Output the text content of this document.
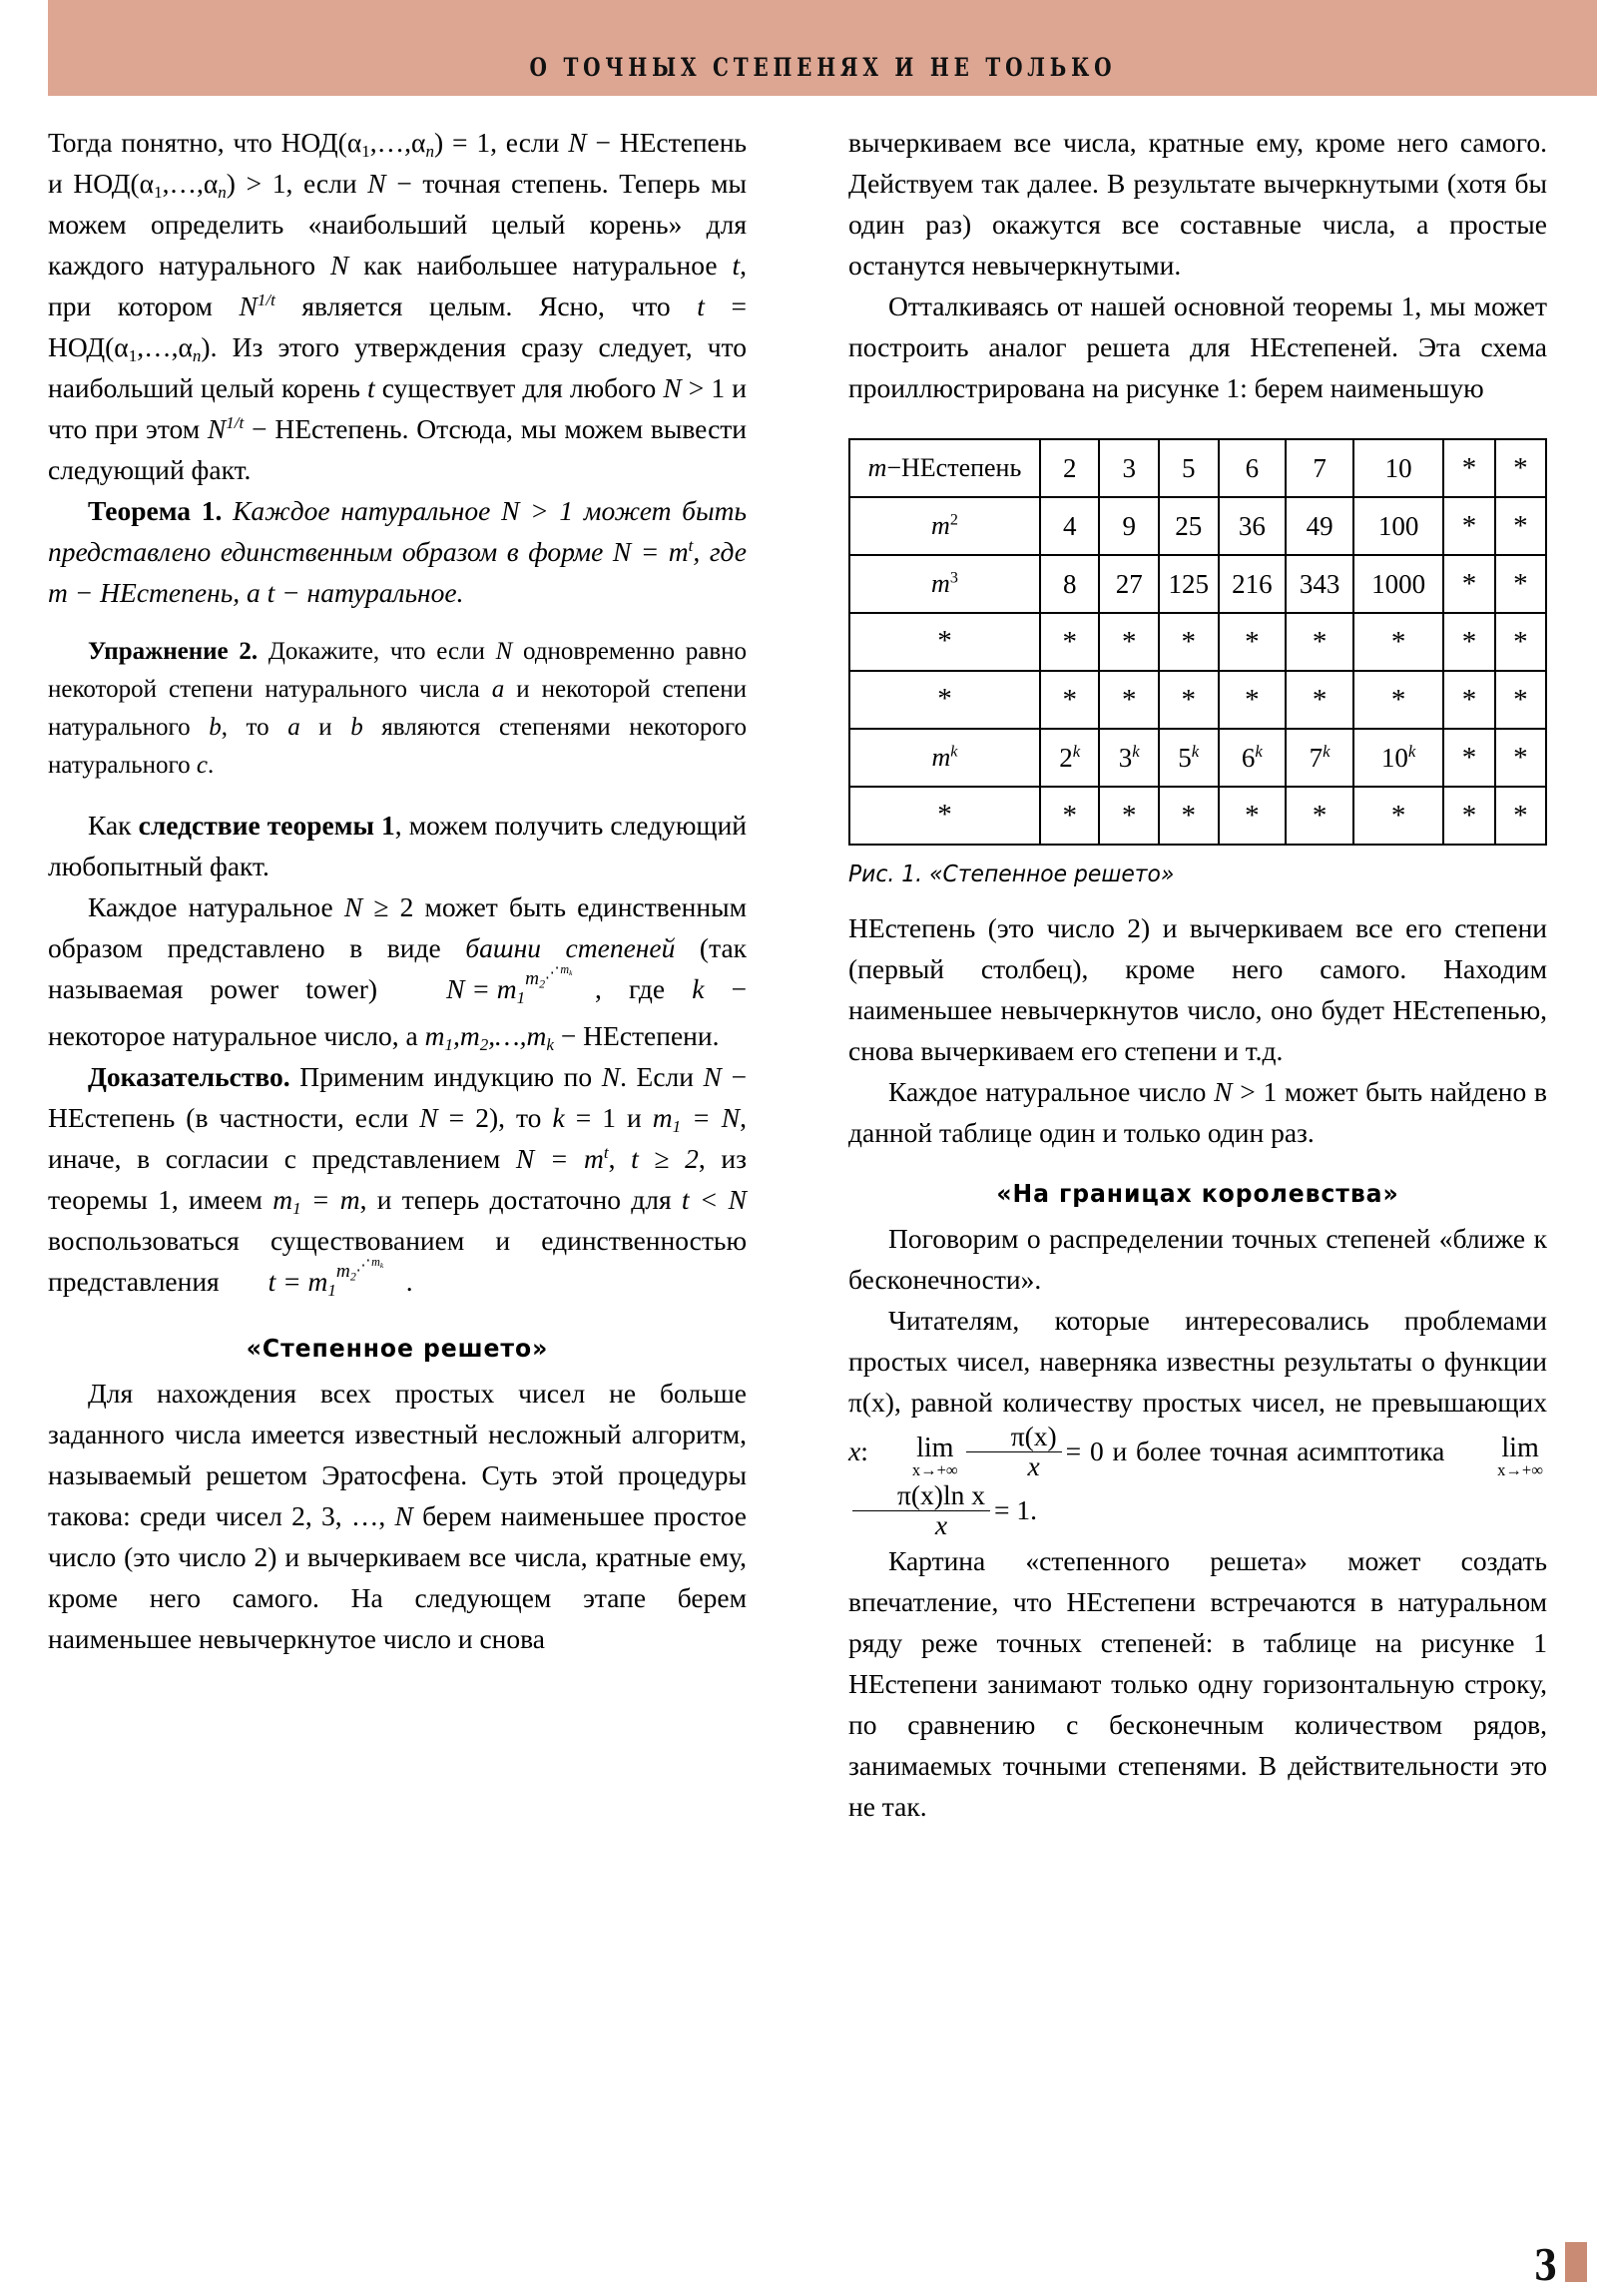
О ТОЧНЫХ СТЕПЕНЯХ И НЕ ТОЛЬКО
3

Тогда понятно, что $НОД(\alpha_1,\dots,\alpha_n) = 1$, если N − НЕстепень и $НОД(\alpha_1,\dots,\alpha_n) > 1$, если N − точная степень. Теперь мы можем определить «наибольший целый корень» для каждого натурального N как наибольшее натуральное t, при котором $N^{1/t}$ является целым. Ясно, что $t = НОД(\alpha_1,\dots,\alpha_n)$. Из этого утверждения сразу следует, что наибольший целый корень t существует для любого N > 1 и что при этом $N^{1/t}$ − НЕстепень. Отсюда, мы можем вывести следующий факт.

Теорема 1. Каждое натуральное N > 1 может быть представлено единственным образом в форме $N = m^t$, где m − НЕстепень, а t − натуральное.

Упражнение 2. Докажите, что если N одновременно равно некоторой степени натурального числа a и некоторой степени натурального b, то a и b являются степенями некоторого натурального c.

Как следствие теоремы 1, можем получить следующий любопытный факт.

Каждое натуральное N ≥ 2 может быть единственным образом представлено в виде башни степеней (так называемая power tower) $N = m_1^{m_2⋰m_k}$   , где k − некоторое натуральное число, а $m_1,m_2,\dots,m_k$ − НЕстепени.

Доказательство. Применим индукцию по N. Если N − НЕстепень (в частности, если N = 2), то k = 1 и $m_1 = N$, иначе, в согласии с представлением $N = m^t$, t ≥ 2, из теоремы 1, имеем $m_1 = m$, и теперь достаточно для t < N воспользоваться существованием и единственностью представления $t = m_1^{m_2⋰m_k}$   .

«Степенное решето»

Для нахождения всех простых чисел не больше заданного числа имеется известный несложный алгоритм, называемый решетом Эратосфена. Суть этой процедуры такова: среди чисел 2, 3, …, N берем наименьшее простое число (это число 2) и вычеркиваем все числа, кратные ему, кроме него самого. На следующем этапе берем наименьшее невычеркнутое число и снова

вычеркиваем все числа, кратные ему, кроме него самого. Действуем так далее. В результате вычеркнутыми (хотя бы один раз) окажутся все составные числа, а простые останутся невычеркнутыми.

Отталкиваясь от нашей основной теоремы 1, мы может построить аналог решета для НЕстепеней. Эта схема проиллюстрирована на рисунке 1: берем наименьшую

m−НЕстепень	2	3	5	6	7	10	*	*
$m^2$	4	9	25	36	49	100	*	*
$m^3$	8	27	125	216	343	1000	*	*
*	*	*	*	*	*	*	*	*
*	*	*	*	*	*	*	*	*
$m^k$	2$^k$	3$^k$	5$^k$	6$^k$	7$^k$	10$^k$	*	*
*	*	*	*	*	*	*	*	*
Рис. 1. «Степенное решето»

НЕстепень (это число 2) и вычеркиваем все его степени (первый столбец), кроме него самого. Находим наименьшее невычеркнутов число, оно будет НЕстепенью, снова вычеркиваем его степени и т.д.

Каждое натуральное число N > 1 может быть найдено в данной таблице один и только один раз.

«На границах королевства»

Поговорим о распределении точных степеней «ближе к бесконечности».

Читателям, которые интересовались проблемами простых чисел, наверняка известны результаты о функции π(x), равной количеству простых чисел, не превышающих x:	lim
$x\to+\infty \frac{\pi(x)}{x} = 0$ и более точная асимптотика	lim
x→+∞
$\frac{\text{π(x)ln x}}{x} = 1$.

Картина «степенного решета» может создать впечатление, что НЕстепени встречаются в натуральном ряду реже точных степеней: в таблице на рисунке 1 НЕстепени занимают только одну горизонтальную строку, по сравнению с бесконечным количеством рядов, занимаемых точными степенями. В действительности это не так.
